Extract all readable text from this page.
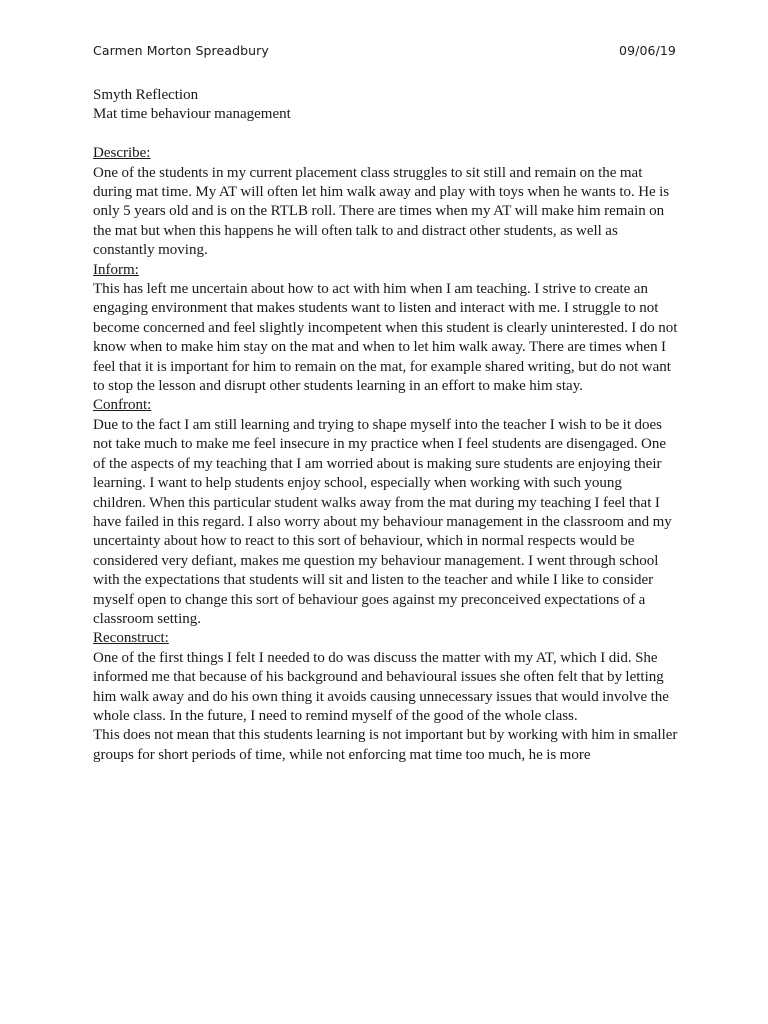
Carmen Morton Spreadbury	09/06/19

Smyth Reflection

Mat time behaviour management

Describe:

One of the students in my current placement class struggles to sit still and remain on the mat during mat time. My AT will often let him walk away and play with toys when he wants to. He is only 5 years old and is on the RTLB roll. There are times when my AT will make him remain on the mat but when this happens he will often talk to and distract other students, as well as constantly moving.

Inform:

This has left me uncertain about how to act with him when I am teaching. I strive to create an engaging environment that makes students want to listen and interact with me. I struggle to not become concerned and feel slightly incompetent when this student is clearly uninterested. I do not know when to make him stay on the mat and when to let him walk away. There are times when I feel that it is important for him to remain on the mat, for example shared writing, but do not want to stop the lesson and disrupt other students learning in an effort to make him stay.

Confront:

Due to the fact I am still learning and trying to shape myself into the teacher I wish to be it does not take much to make me feel insecure in my practice when I feel students are disengaged. One of the aspects of my teaching that I am worried about is making sure students are enjoying their learning. I want to help students enjoy school, especially when working with such young children. When this particular student walks away from the mat during my teaching I feel that I have failed in this regard. I also worry about my behaviour management in the classroom and my uncertainty about how to react to this sort of behaviour, which in normal respects would be considered very defiant, makes me question my behaviour management. I went through school with the expectations that students will sit and listen to the teacher and while I like to consider myself open to change this sort of behaviour goes against my preconceived expectations of a classroom setting.

Reconstruct:

One of the first things I felt I needed to do was discuss the matter with my AT, which I did. She informed me that because of his background and behavioural issues she often felt that by letting him walk away and do his own thing it avoids causing unnecessary issues that would involve the whole class. In the future, I need to remind myself of the good of the whole class.

This does not mean that this students learning is not important but by working with him in smaller groups for short periods of time, while not enforcing mat time too much, he is more
